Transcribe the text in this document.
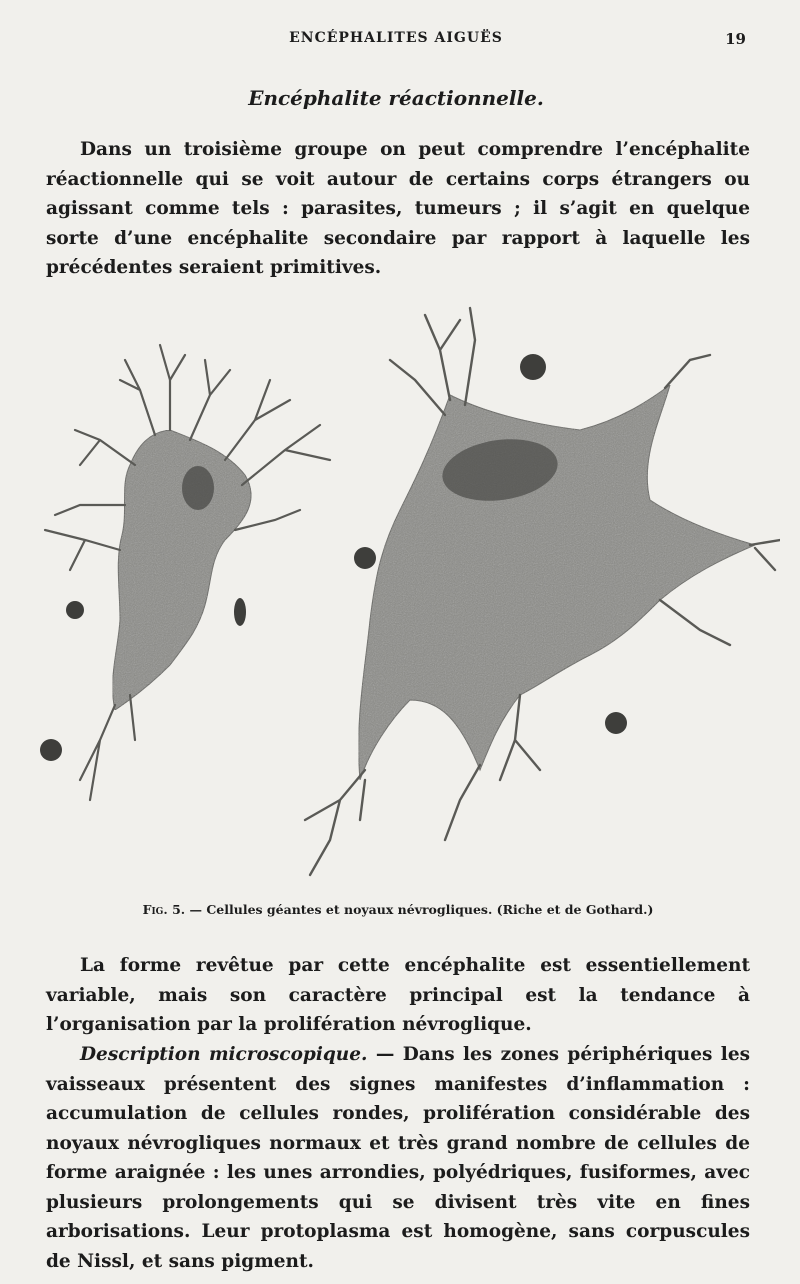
ENCÉPHALITES AIGUËS	19
Encéphalite réactionnelle.

Dans un troisième groupe on peut comprendre l’encéphalite réactionnelle qui se voit autour de certains corps étrangers ou agissant comme tels : parasites, tumeurs ; il s’agit en quelque sorte d’une encéphalite secondaire par rapport à laquelle les précédentes seraient primitives.

Fig. 5. — Cellules géantes et noyaux névrogliques. (Riche et de Gothard.)

La forme revêtue par cette encéphalite est essentiellement variable, mais son caractère principal est la tendance à l’organisation par la prolifération névroglique.

Description microscopique. — Dans les zones périphériques les vaisseaux présentent des signes manifestes d’inflammation : accumulation de cellules rondes, prolifération considérable des noyaux névrogliques normaux et très grand nombre de cellules de forme araignée : les unes arrondies, polyédriques, fusiformes, avec plusieurs prolongements qui se divisent très vite en fines arborisations. Leur protoplasma est homogène, sans corpuscules de Nissl, et sans pigment.
